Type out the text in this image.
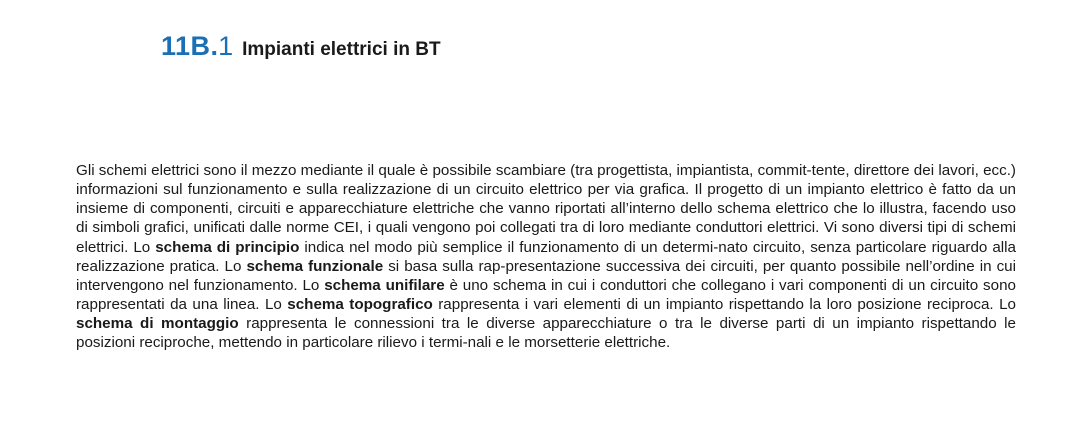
11B . 1 Impianti elettrici in BT

Gli schemi elettrici sono il mezzo mediante il quale è possibile scambiare (tra progettista, impiantista, commit-tente, direttore dei lavori, ecc.) informazioni sul funzionamento e sulla realizzazione di un circuito elettrico per via grafica. Il progetto di un impianto elettrico è fatto da un insieme di componenti, circuiti e apparecchiature elettriche che vanno riportati all’interno dello schema elettrico che lo illustra, facendo uso di simboli grafici, unificati dalle norme CEI, i quali vengono poi collegati tra di loro mediante conduttori elettrici. Vi sono diversi tipi di schemi elettrici. Lo schema di principio indica nel modo più semplice il funzionamento di un determi-nato circuito, senza particolare riguardo alla realizzazione pratica. Lo schema funzionale si basa sulla rap-presentazione successiva dei circuiti, per quanto possibile nell’ordine in cui intervengono nel funzionamento. Lo schema unifilare è uno schema in cui i conduttori che collegano i vari componenti di un circuito sono rappresentati da una linea. Lo schema topografico rappresenta i vari elementi di un impianto rispettando la loro posizione reciproca. Lo schema di montaggio rappresenta le connessioni tra le diverse apparecchiature o tra le diverse parti di un impianto rispettando le posizioni reciproche, mettendo in particolare rilievo i termi-nali e le morsetterie elettriche.
